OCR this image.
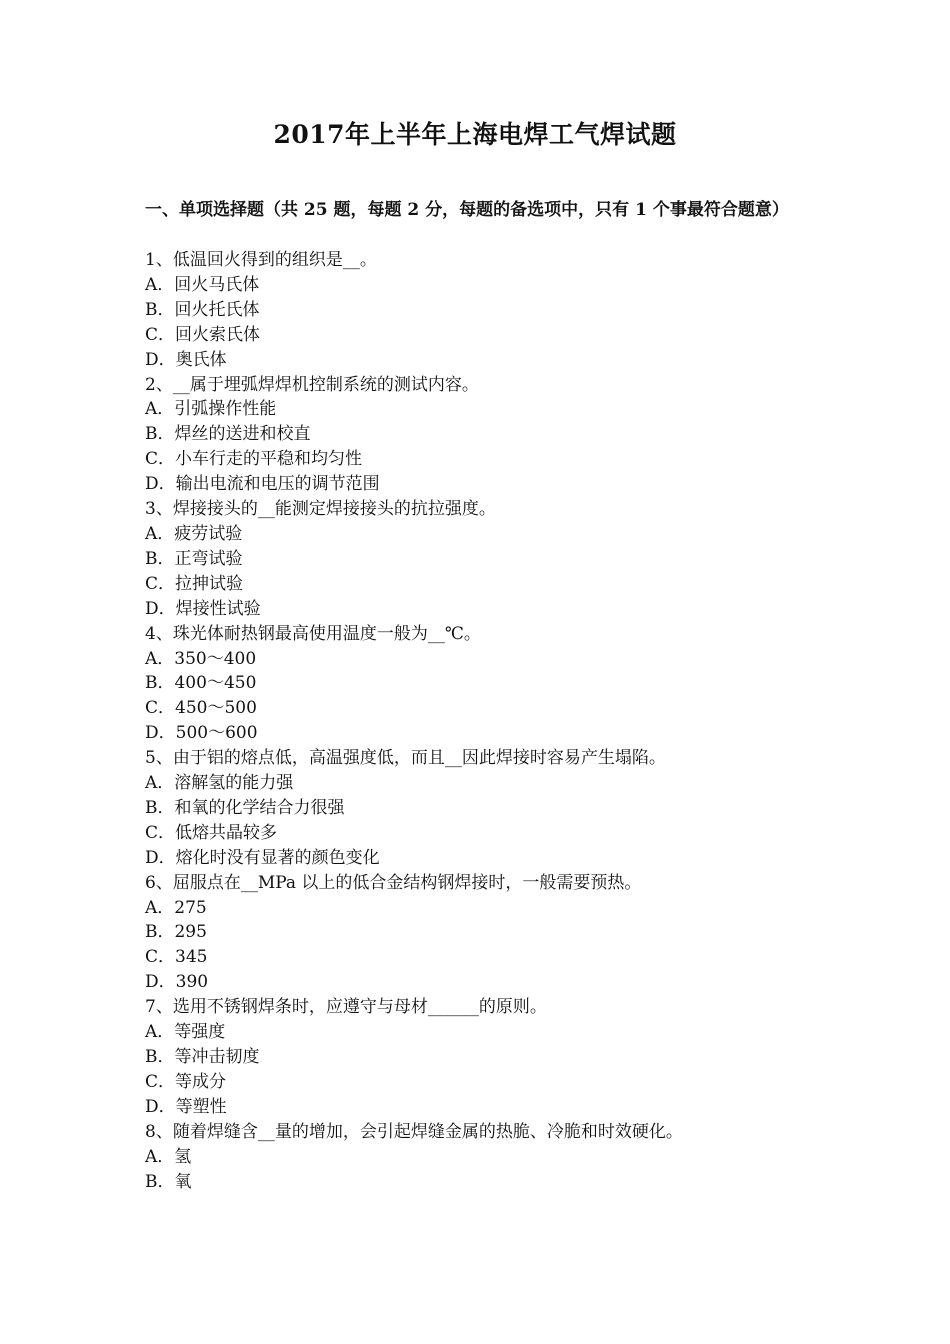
2017年上半年上海电焊工气焊试题
一、单项选择题（共 25 题，每题 2 分，每题的备选项中，只有 1 个事最符合题意）
1、低温回火得到的组织是__。
A．回火马氏体
B．回火托氏体
C．回火索氏体
D．奥氏体
2、__属于埋弧焊焊机控制系统的测试内容。
A．引弧操作性能
B．焊丝的送进和校直
C．小车行走的平稳和均匀性
D．输出电流和电压的调节范围
3、焊接接头的__能测定焊接接头的抗拉强度。
A．疲劳试验
B．正弯试验
C．拉抻试验
D．焊接性试验
4、珠光体耐热钢最高使用温度一般为__℃。
A．350～400
B．400～450
C．450～500
D．500～600
5、由于铝的熔点低，高温强度低，而且__因此焊接时容易产生塌陷。
A．溶解氢的能力强
B．和氧的化学结合力很强
C．低熔共晶较多
D．熔化时没有显著的颜色变化
6、屈服点在__MPa 以上的低合金结构钢焊接时，一般需要预热。
A．275
B．295
C．345
D．390
7、选用不锈钢焊条时，应遵守与母材______的原则。
A．等强度
B．等冲击韧度
C．等成分
D．等塑性
8、随着焊缝含__量的增加，会引起焊缝金属的热脆、冷脆和时效硬化。
A．氢
B．氧
